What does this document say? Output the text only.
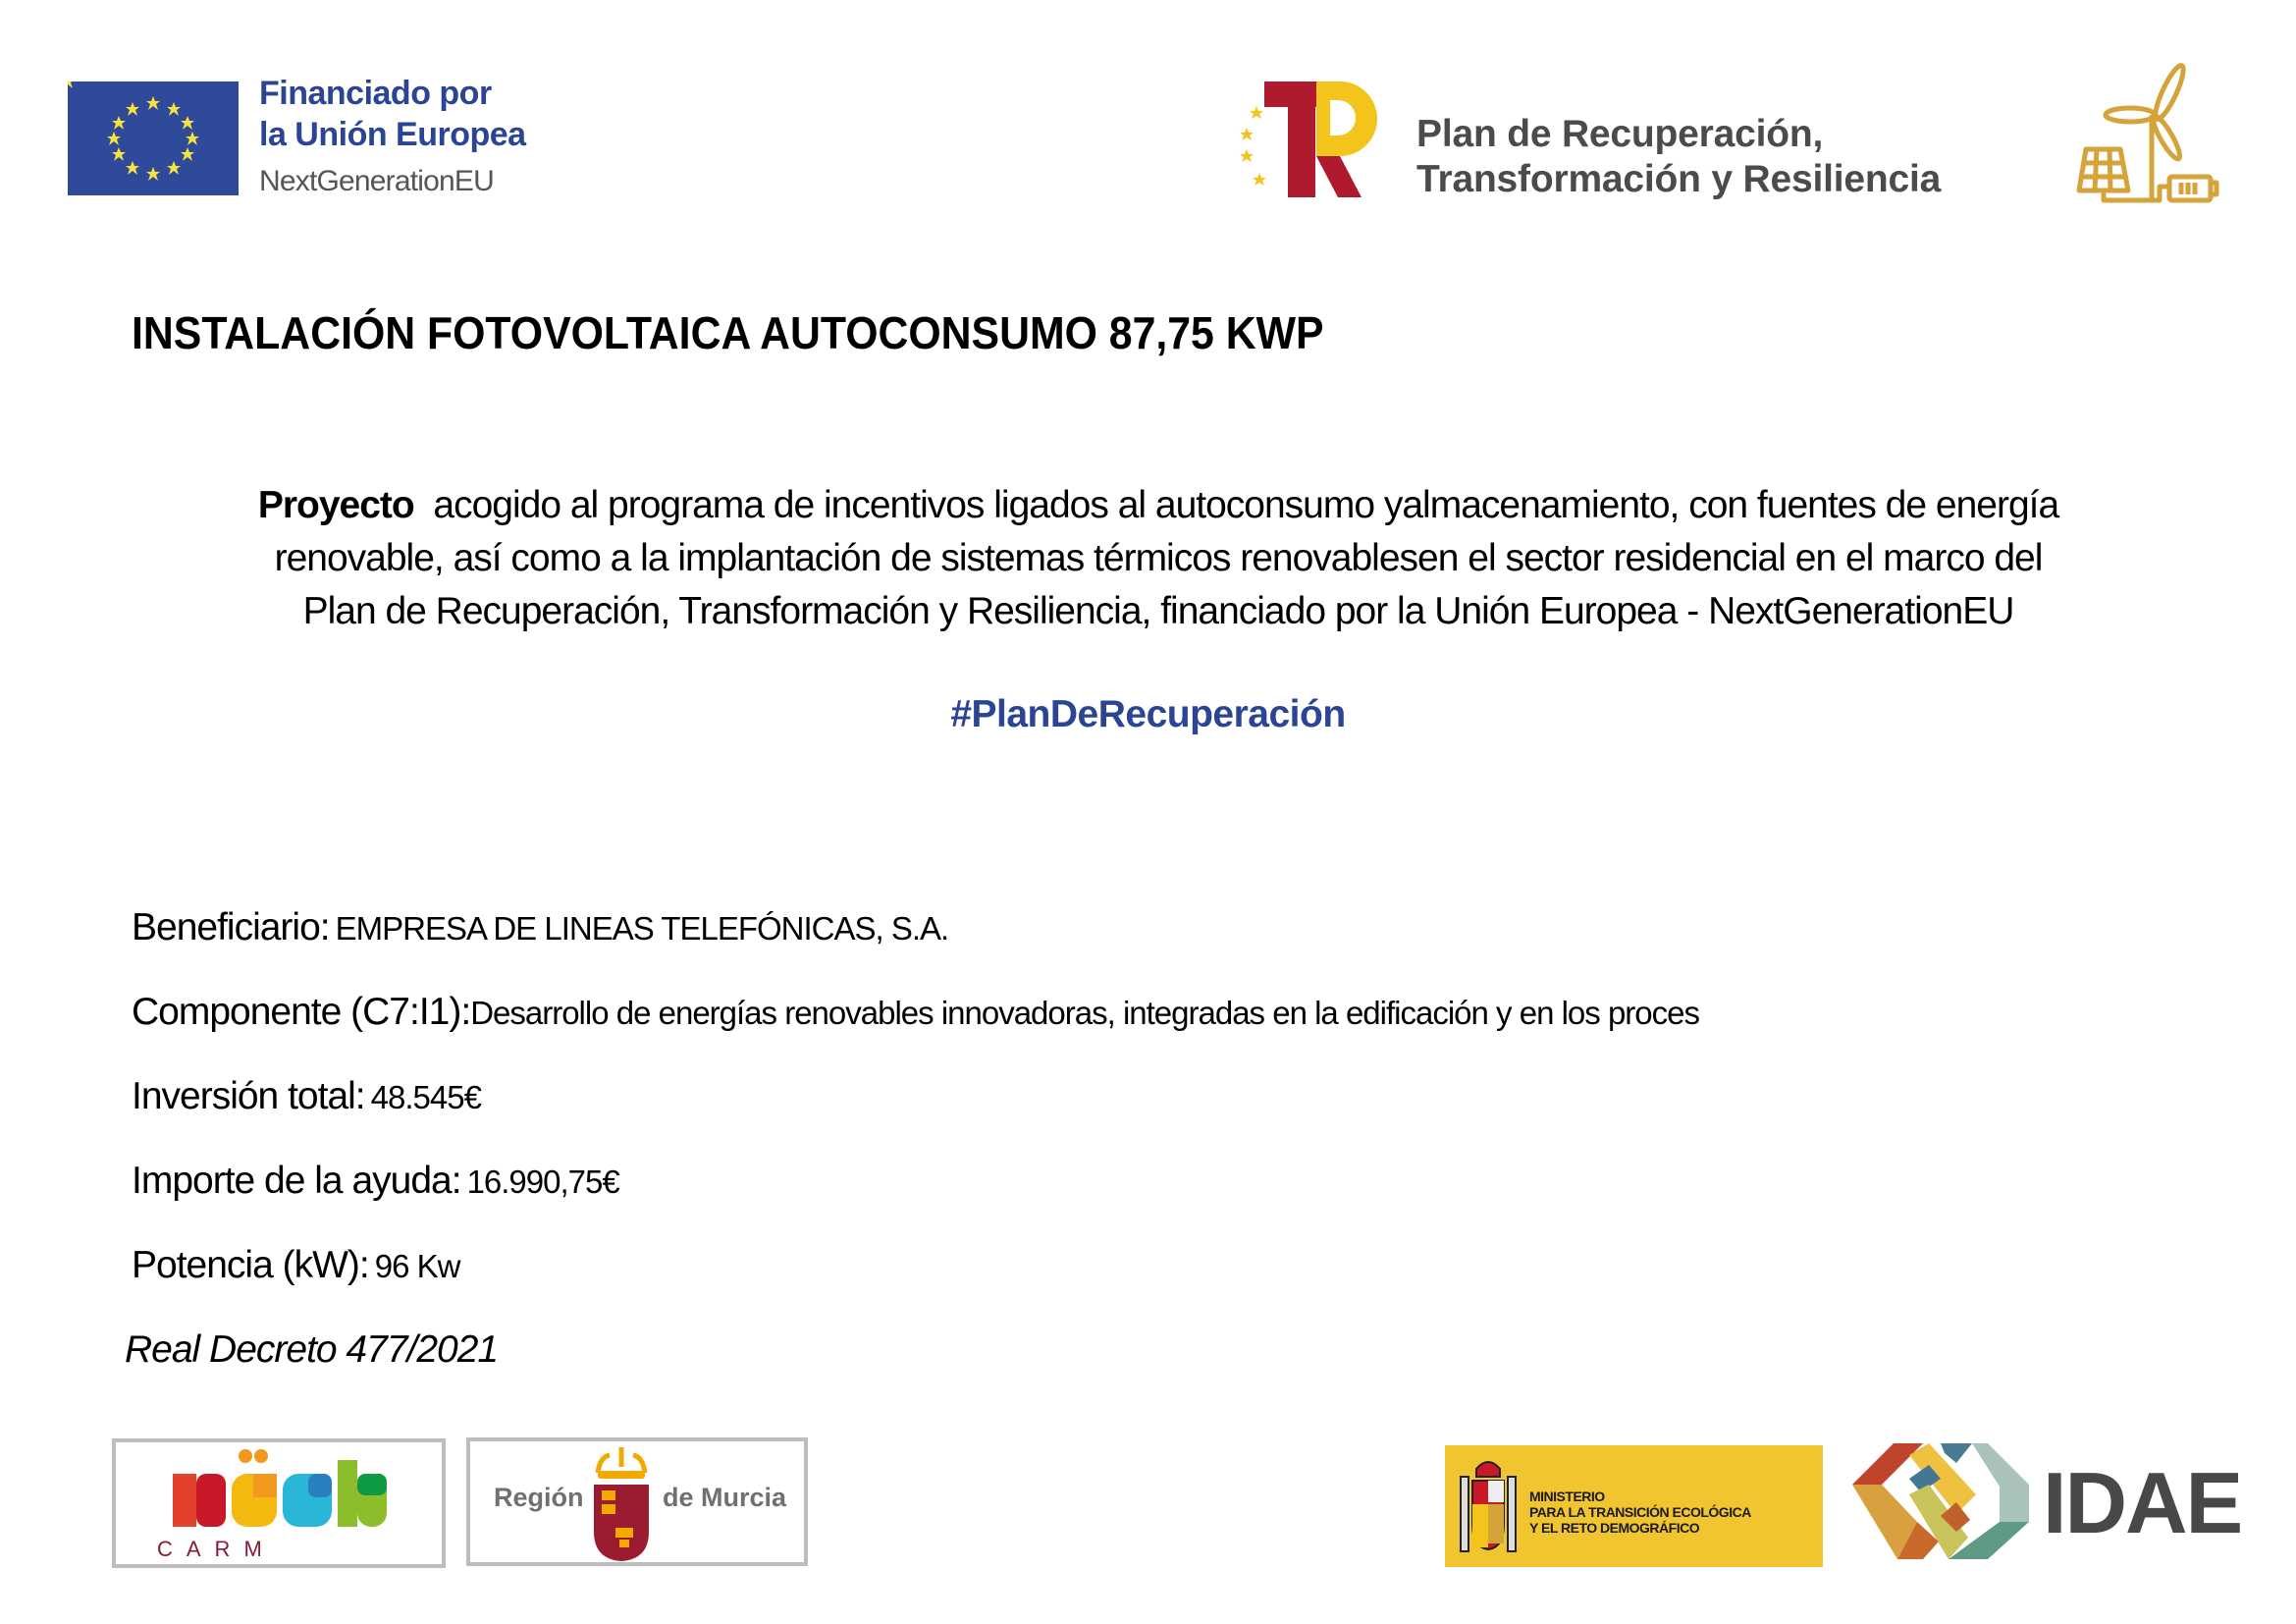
Financiado por
la Unión Europea
NextGenerationEU
Plan de Recuperación,
Transformación y Resiliencia
INSTALACIÓN FOTOVOLTAICA AUTOCONSUMO 87,75 KWP
Proyecto  acogido al programa de incentivos ligados al autoconsumo yalmacenamiento, con fuentes de energía
renovable, así como a la implantación de sistemas térmicos renovablesen el sector residencial en el marco del
Plan de Recuperación, Transformación y Resiliencia, financiado por la Unión Europea - NextGenerationEU
#PlanDeRecuperación
Beneficiario: EMPRESA DE LINEAS TELEFÓNICAS, S.A.
Componente (C7:I1):Desarrollo de energías renovables innovadoras, integradas en la edificación y en los proces
Inversión total: 48.545€
Importe de la ayuda: 16.990,75€
Potencia (kW): 96 Kw
Real Decreto 477/2021
CARM
Región	de Murcia	MINISTERIO
PARA LA TRANSICIÓN ECOLÓGICA
Y EL RETO DEMOGRÁFICO	IDAE
